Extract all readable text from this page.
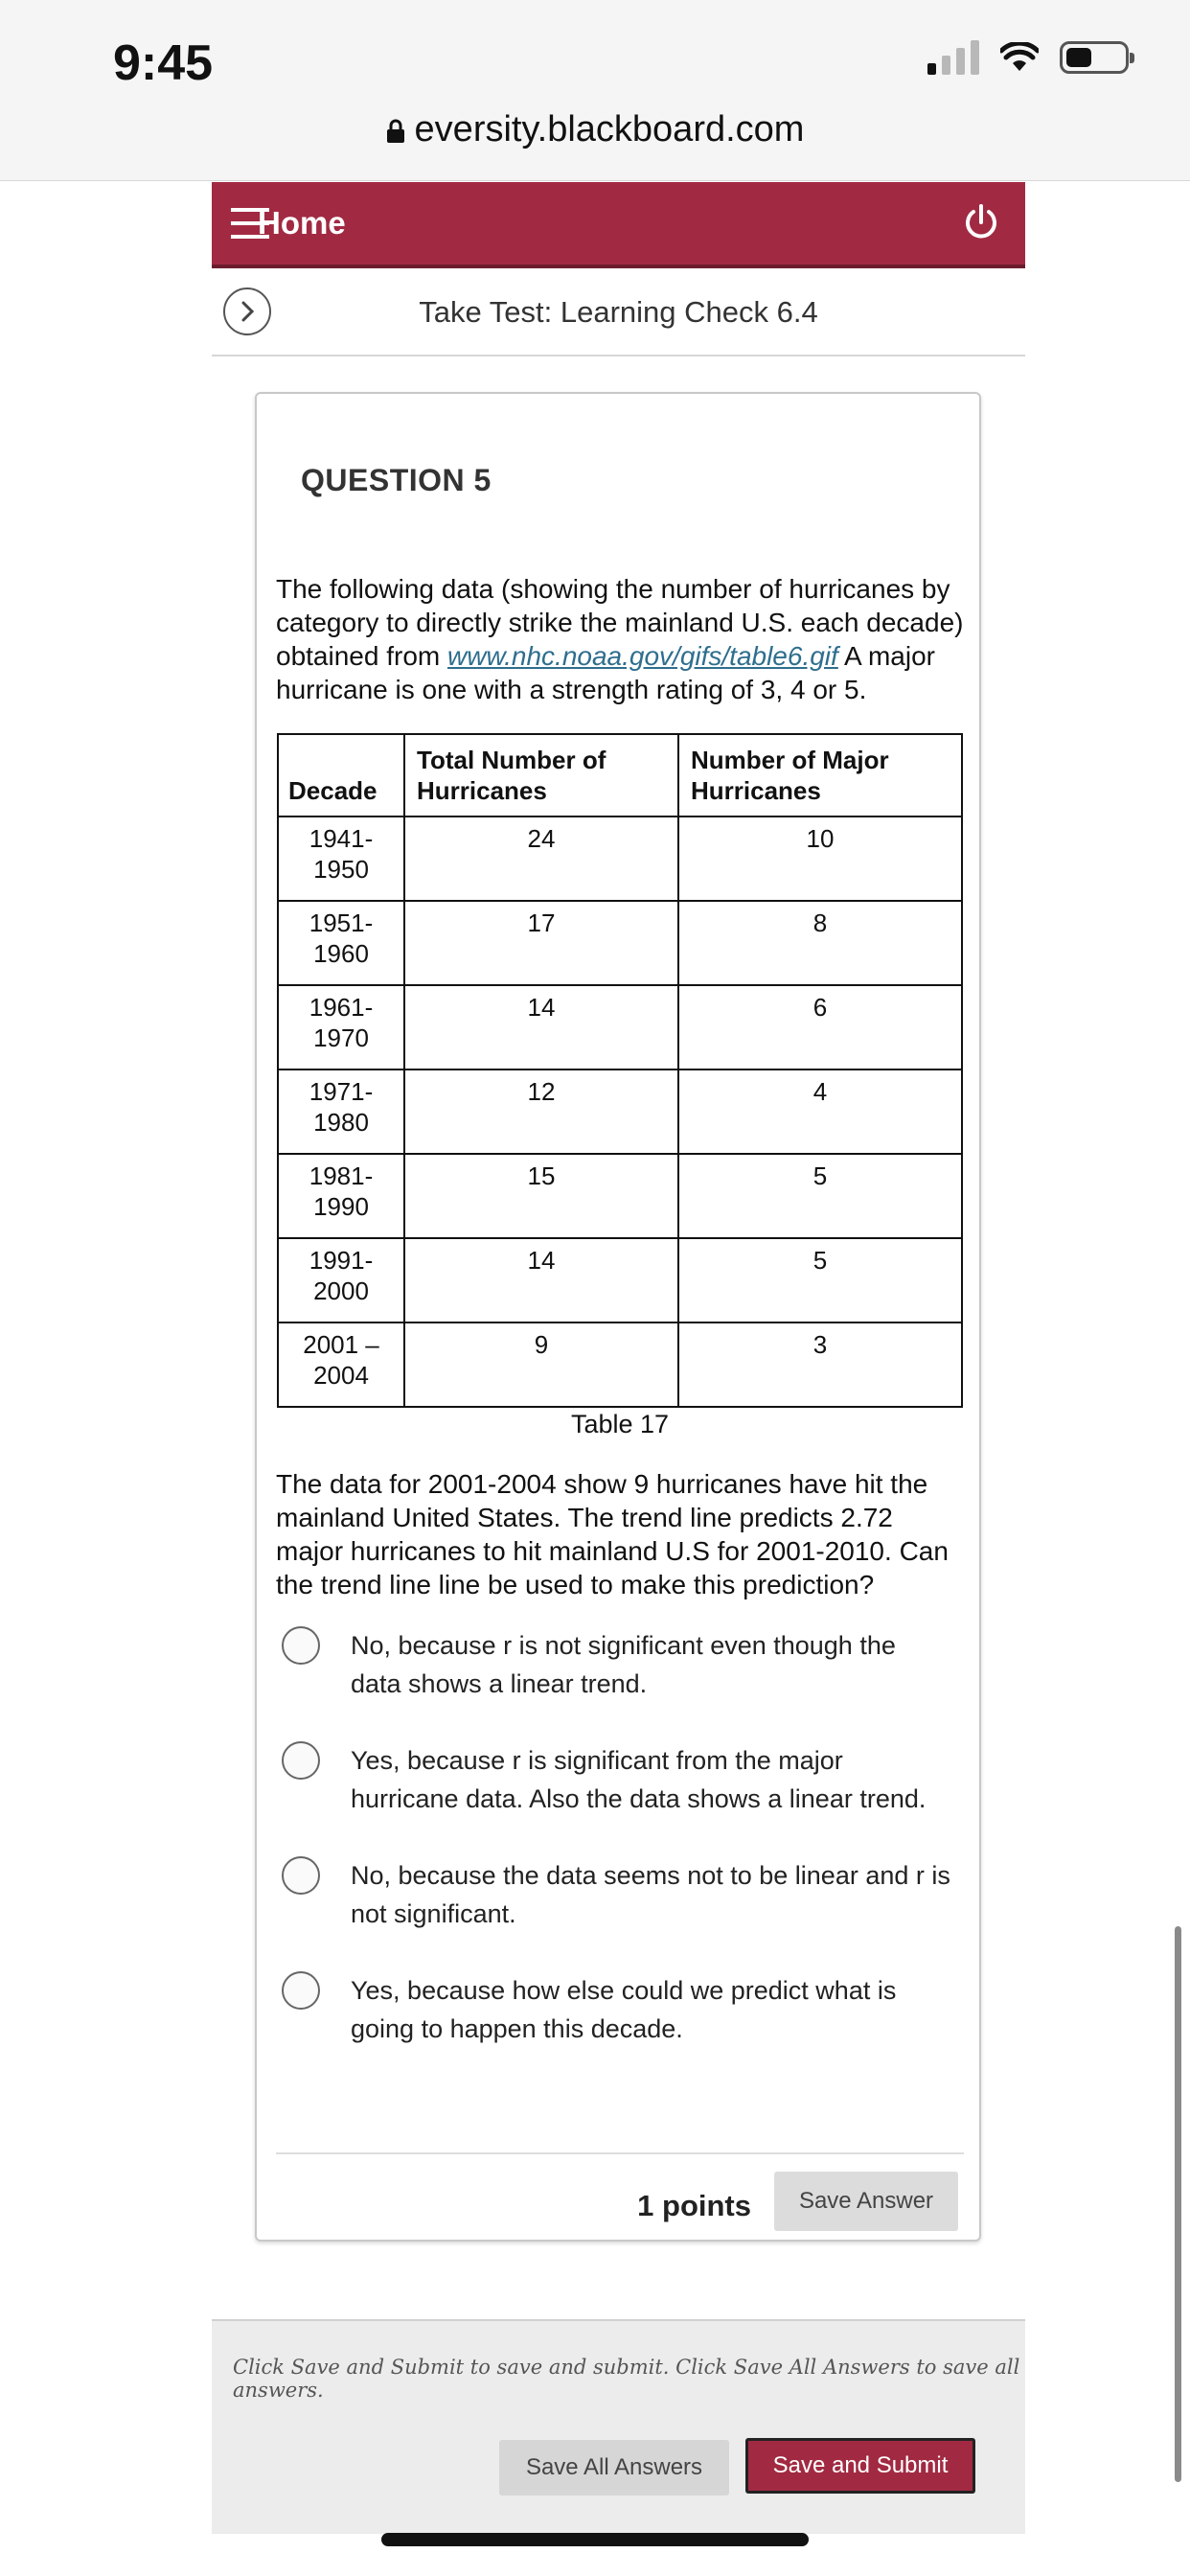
9:45
eversity.blackboard.com
Home
Take Test: Learning Check 6.4
QUESTION 5
The following data (showing the number of hurricanes by category to directly strike the mainland U.S. each decade) obtained from www.nhc.noaa.gov/gifs/table6.gif A major hurricane is one with a strength rating of 3, 4 or 5.
Decade	Total Number of Hurricanes	Number of Major Hurricanes
1941-
1950	24	10
1951-
1960	17	8
1961-
1970	14	6
1971-
1980	12	4
1981-
1990	15	5
1991-
2000	14	5
2001 –
2004	9	3
Table 17
The data for 2001-2004 show 9 hurricanes have hit the mainland United States. The trend line predicts 2.72 major hurricanes to hit mainland U.S for 2001-2010. Can the trend line line be used to make this prediction?
No, because r is not significant even though the data shows a linear trend.
Yes, because r is significant from the major hurricane data. Also the data shows a linear trend.
No, because the data seems not to be linear and r is not significant.
Yes, because how else could we predict what is going to happen this decade.
1 points	Save Answer
Click Save and Submit to save and submit. Click Save All Answers to save all answers.
Save All Answers	Save and Submit
